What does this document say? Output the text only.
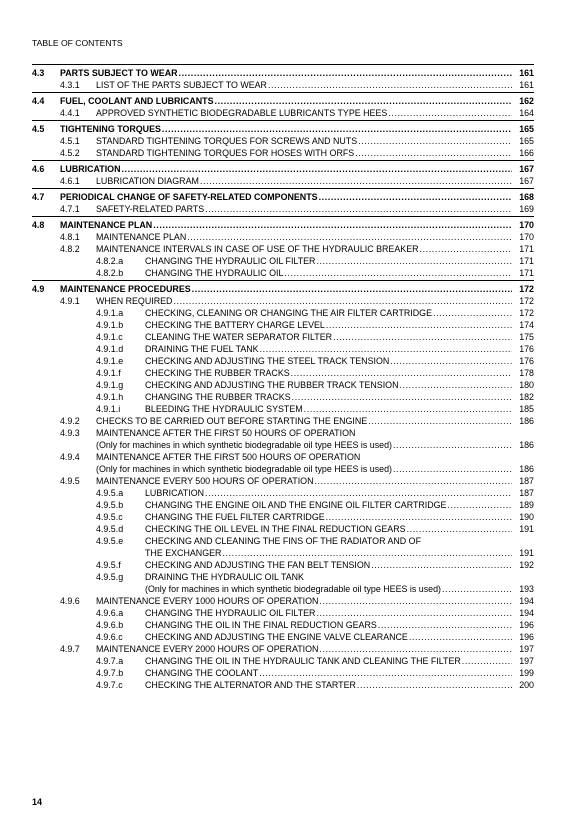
TABLE OF CONTENTS
4.3 PARTS SUBJECT TO WEAR .....	161
4.3.1 LIST OF THE PARTS SUBJECT TO WEAR .....	161
4.4 FUEL, COOLANT AND LUBRICANTS .....	162
4.4.1 APPROVED SYNTHETIC BIODEGRADABLE LUBRICANTS TYPE HEES .....	164
4.5 TIGHTENING TORQUES .....	165
4.5.1 STANDARD TIGHTENING TORQUES FOR SCREWS AND NUTS .....	165
4.5.2 STANDARD TIGHTENING TORQUES FOR HOSES WITH ORFS .....	166
4.6 LUBRICATION .....	167
4.6.1 LUBRICATION DIAGRAM .....	167
4.7 PERIODICAL CHANGE OF SAFETY-RELATED COMPONENTS .....	168
4.7.1 SAFETY-RELATED PARTS .....	169
4.8 MAINTENANCE PLAN .....	170
4.8.1 MAINTENANCE PLAN .....	170
4.8.2 MAINTENANCE INTERVALS IN CASE OF USE OF THE HYDRAULIC BREAKER .....	171
4.8.2.a CHANGING THE HYDRAULIC OIL FILTER .....	171
4.8.2.b CHANGING THE HYDRAULIC OIL .....	171
4.9 MAINTENANCE PROCEDURES .....	172
4.9.1 WHEN REQUIRED .....	172
4.9.1.a CHECKING, CLEANING OR CHANGING THE AIR FILTER CARTRIDGE .....	172
4.9.1.b CHECKING THE BATTERY CHARGE LEVEL .....	174
4.9.1.c	CLEANING THE WATER SEPARATOR FILTER .....	175
4.9.1.d DRAINING THE FUEL TANK .....	176
4.9.1.e CHECKING AND ADJUSTING THE STEEL TRACK TENSION .....	176
4.9.1.f	CHECKING THE RUBBER TRACKS .....	178
4.9.1.g CHECKING AND ADJUSTING THE RUBBER TRACK TENSION .....	180
4.9.1.h CHANGING THE RUBBER TRACKS .....	182
4.9.1.i	BLEEDING THE HYDRAULIC SYSTEM .....	185
4.9.2 CHECKS TO BE CARRIED OUT BEFORE STARTING THE ENGINE .....	186
4.9.3 MAINTENANCE AFTER THE FIRST 50 HOURS OF OPERATION
(Only for machines in which synthetic biodegradable oil type HEES is used) .....	186
4.9.4 MAINTENANCE AFTER THE FIRST 500 HOURS OF OPERATION
(Only for machines in which synthetic biodegradable oil type HEES is used) .....	186
4.9.5 MAINTENANCE EVERY 500 HOURS OF OPERATION .....	187
4.9.5.a LUBRICATION .....	187
4.9.5.b CHANGING THE ENGINE OIL AND THE ENGINE OIL FILTER CARTRIDGE .....	189
4.9.5.c	CHANGING THE FUEL FILTER CARTRIDGE .....	190
4.9.5.d CHECKING THE OIL LEVEL IN THE FINAL REDUCTION GEARS .....	191
4.9.5.e CHECKING AND CLEANING THE FINS OF THE RADIATOR AND OF
THE EXCHANGER .....	191
4.9.5.f	CHECKING AND ADJUSTING THE FAN BELT TENSION .....	192
4.9.5.g DRAINING THE HYDRAULIC OIL TANK
(Only for machines in which synthetic biodegradable oil type HEES is used) .....	193
4.9.6 MAINTENANCE EVERY 1000 HOURS OF OPERATION .....	194
4.9.6.a CHANGING THE HYDRAULIC OIL FILTER .....	194
4.9.6.b CHANGING THE OIL IN THE FINAL REDUCTION GEARS .....	196
4.9.6.c	CHECKING AND ADJUSTING THE ENGINE VALVE CLEARANCE .....	196
4.9.7 MAINTENANCE EVERY 2000 HOURS OF OPERATION .....	197
4.9.7.a CHANGING THE OIL IN THE HYDRAULIC TANK AND CLEANING THE FILTER .....	197
4.9.7.b CHANGING THE COOLANT .....	199
4.9.7.c	CHECKING THE ALTERNATOR AND THE STARTER .....	200
14
